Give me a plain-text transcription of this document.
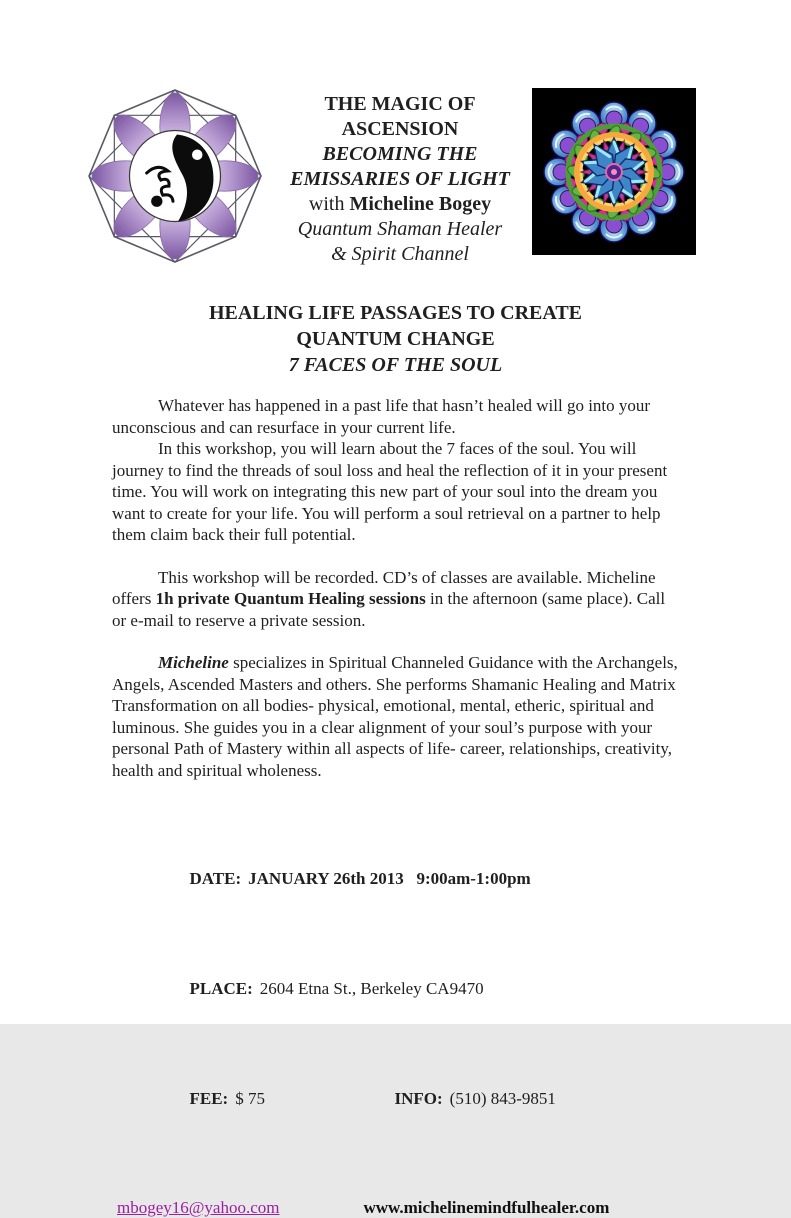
THE MAGIC OF
ASCENSION
BECOMING THE
EMISSARIES OF LIGHT
with Micheline Bogey
Quantum Shaman Healer
& Spirit Channel
HEALING LIFE PASSAGES TO CREATE
QUANTUM CHANGE
7 FACES OF THE SOUL

Whatever has happened in a past life that hasn’t healed will go into your unconscious and can resurface in your current life.

In this workshop, you will learn about the 7 faces of the soul. You will journey to find the threads of soul loss and heal the reflection of it in your present time. You will work on integrating this new part of your soul into the dream you want to create for your life. You will perform a soul retrieval on a partner to help them claim back their full potential.

This workshop will be recorded. CD’s of classes are available. Micheline offers 1h private Quantum Healing sessions in the afternoon (same place). Call or e-mail to reserve a private session.

Micheline specializes in Spiritual Channeled Guidance with the Archangels, Angels, Ascended Masters and others. She performs Shamanic Healing and Matrix Transformation on all bodies- physical, emotional, mental, etheric, spiritual and luminous. She guides you in a clear alignment of your soul’s purpose with your personal Path of Mastery within all aspects of life- career, relationships, creativity, health and spiritual wholeness.

DATE: JANUARY 26th 2013   9:00am-1:00pm

PLACE: 2604 Etna St., Berkeley CA9470

FEE: $ 75	INFO: (510) 843-9851

mbogey16@yahoo.com	www.michelinemindfulhealer.com
